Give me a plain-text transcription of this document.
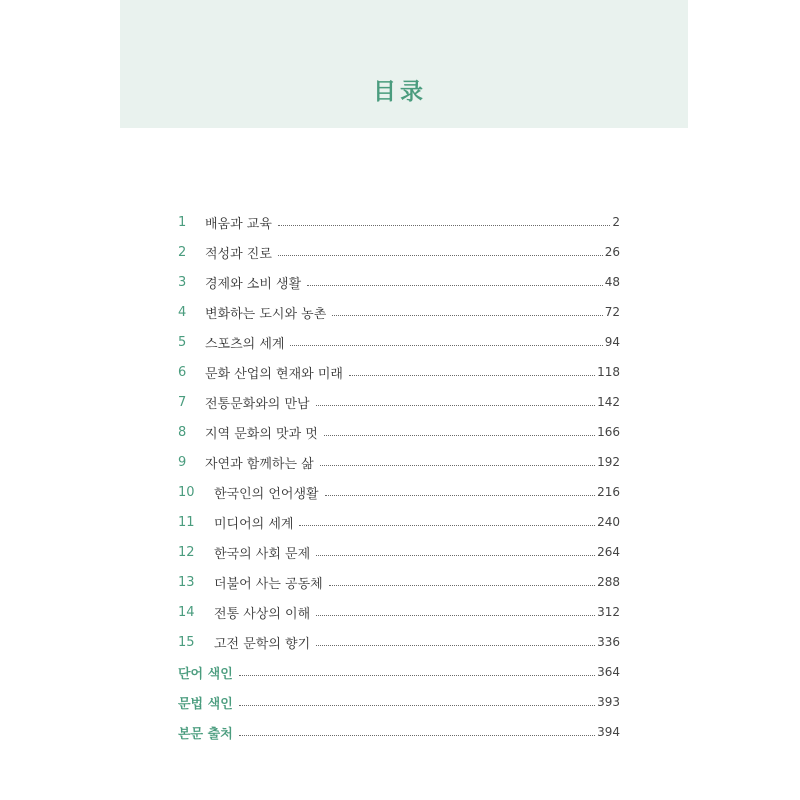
目录
1	배움과 교육	2
2	적성과 진로	26
3	경제와 소비 생활	48
4	변화하는 도시와 농촌	72
5	스포츠의 세계	94
6	문화 산업의 현재와 미래	118
7	전통문화와의 만남	142
8	지역 문화의 맛과 멋	166
9	자연과 함께하는 삶	192
10	한국인의 언어생활	216
11	미디어의 세계	240
12	한국의 사회 문제	264
13	더불어 사는 공동체	288
14	전통 사상의 이해	312
15	고전 문학의 향기	336
단어 색인	364
문법 색인	393
본문 출처	394
